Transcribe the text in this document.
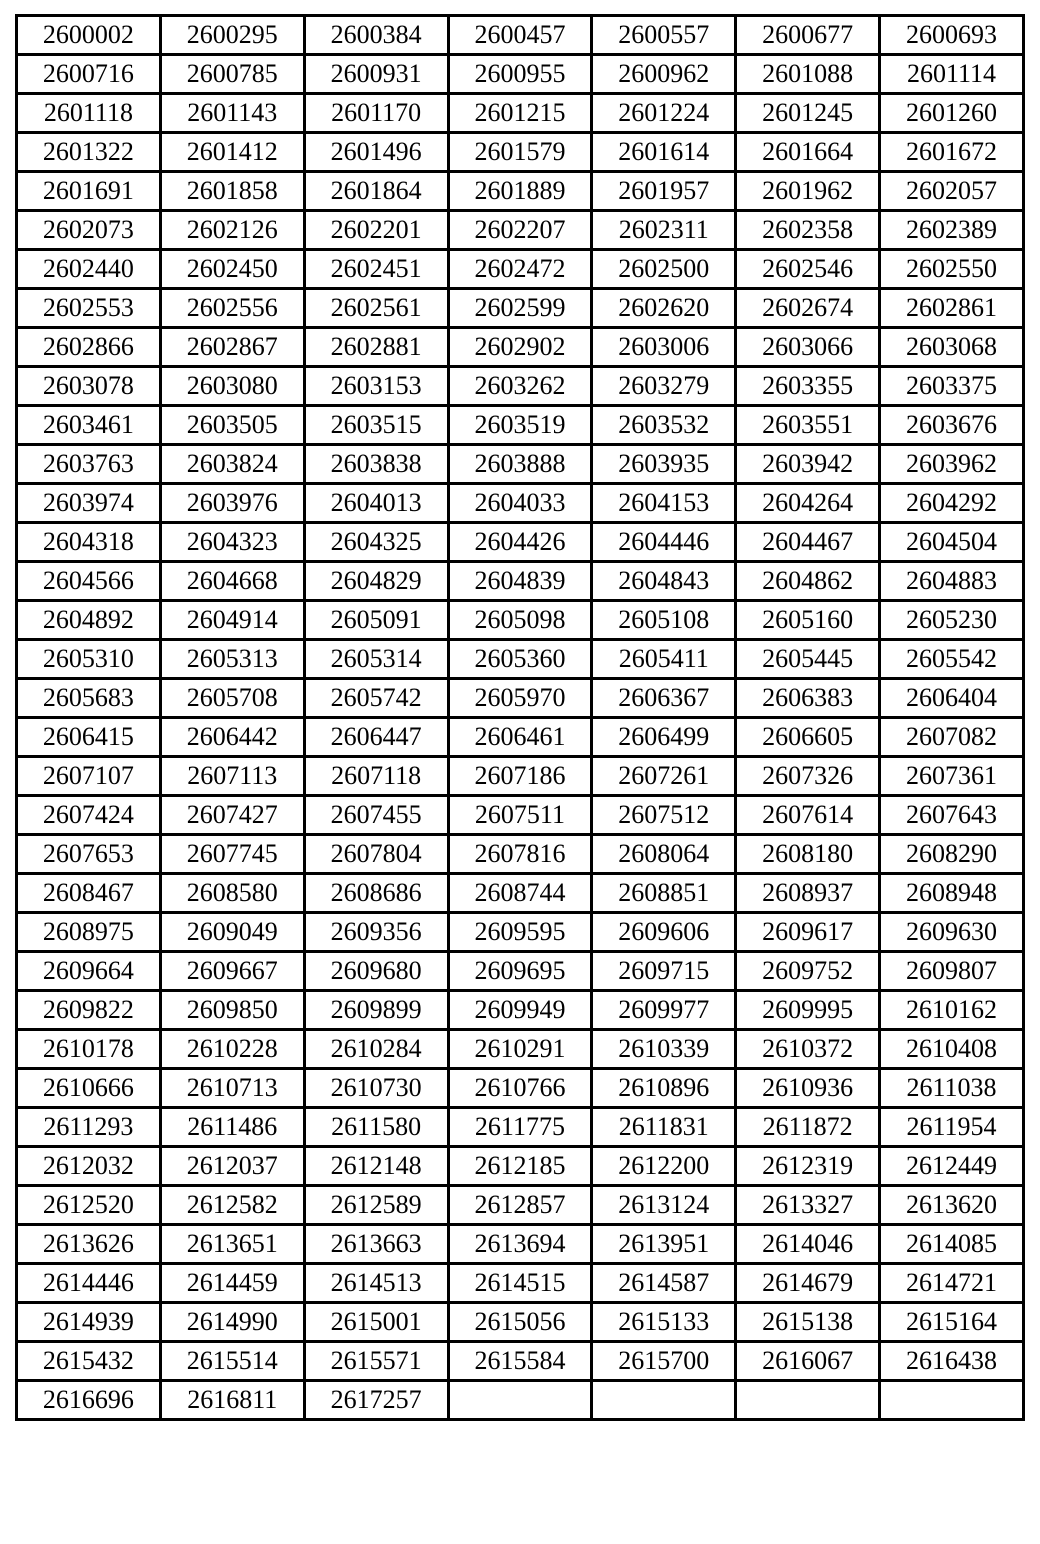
2600002	2600295	2600384	2600457	2600557	2600677	2600693
2600716	2600785	2600931	2600955	2600962	2601088	2601114
2601118	2601143	2601170	2601215	2601224	2601245	2601260
2601322	2601412	2601496	2601579	2601614	2601664	2601672
2601691	2601858	2601864	2601889	2601957	2601962	2602057
2602073	2602126	2602201	2602207	2602311	2602358	2602389
2602440	2602450	2602451	2602472	2602500	2602546	2602550
2602553	2602556	2602561	2602599	2602620	2602674	2602861
2602866	2602867	2602881	2602902	2603006	2603066	2603068
2603078	2603080	2603153	2603262	2603279	2603355	2603375
2603461	2603505	2603515	2603519	2603532	2603551	2603676
2603763	2603824	2603838	2603888	2603935	2603942	2603962
2603974	2603976	2604013	2604033	2604153	2604264	2604292
2604318	2604323	2604325	2604426	2604446	2604467	2604504
2604566	2604668	2604829	2604839	2604843	2604862	2604883
2604892	2604914	2605091	2605098	2605108	2605160	2605230
2605310	2605313	2605314	2605360	2605411	2605445	2605542
2605683	2605708	2605742	2605970	2606367	2606383	2606404
2606415	2606442	2606447	2606461	2606499	2606605	2607082
2607107	2607113	2607118	2607186	2607261	2607326	2607361
2607424	2607427	2607455	2607511	2607512	2607614	2607643
2607653	2607745	2607804	2607816	2608064	2608180	2608290
2608467	2608580	2608686	2608744	2608851	2608937	2608948
2608975	2609049	2609356	2609595	2609606	2609617	2609630
2609664	2609667	2609680	2609695	2609715	2609752	2609807
2609822	2609850	2609899	2609949	2609977	2609995	2610162
2610178	2610228	2610284	2610291	2610339	2610372	2610408
2610666	2610713	2610730	2610766	2610896	2610936	2611038
2611293	2611486	2611580	2611775	2611831	2611872	2611954
2612032	2612037	2612148	2612185	2612200	2612319	2612449
2612520	2612582	2612589	2612857	2613124	2613327	2613620
2613626	2613651	2613663	2613694	2613951	2614046	2614085
2614446	2614459	2614513	2614515	2614587	2614679	2614721
2614939	2614990	2615001	2615056	2615133	2615138	2615164
2615432	2615514	2615571	2615584	2615700	2616067	2616438
2616696	2616811	2617257				
